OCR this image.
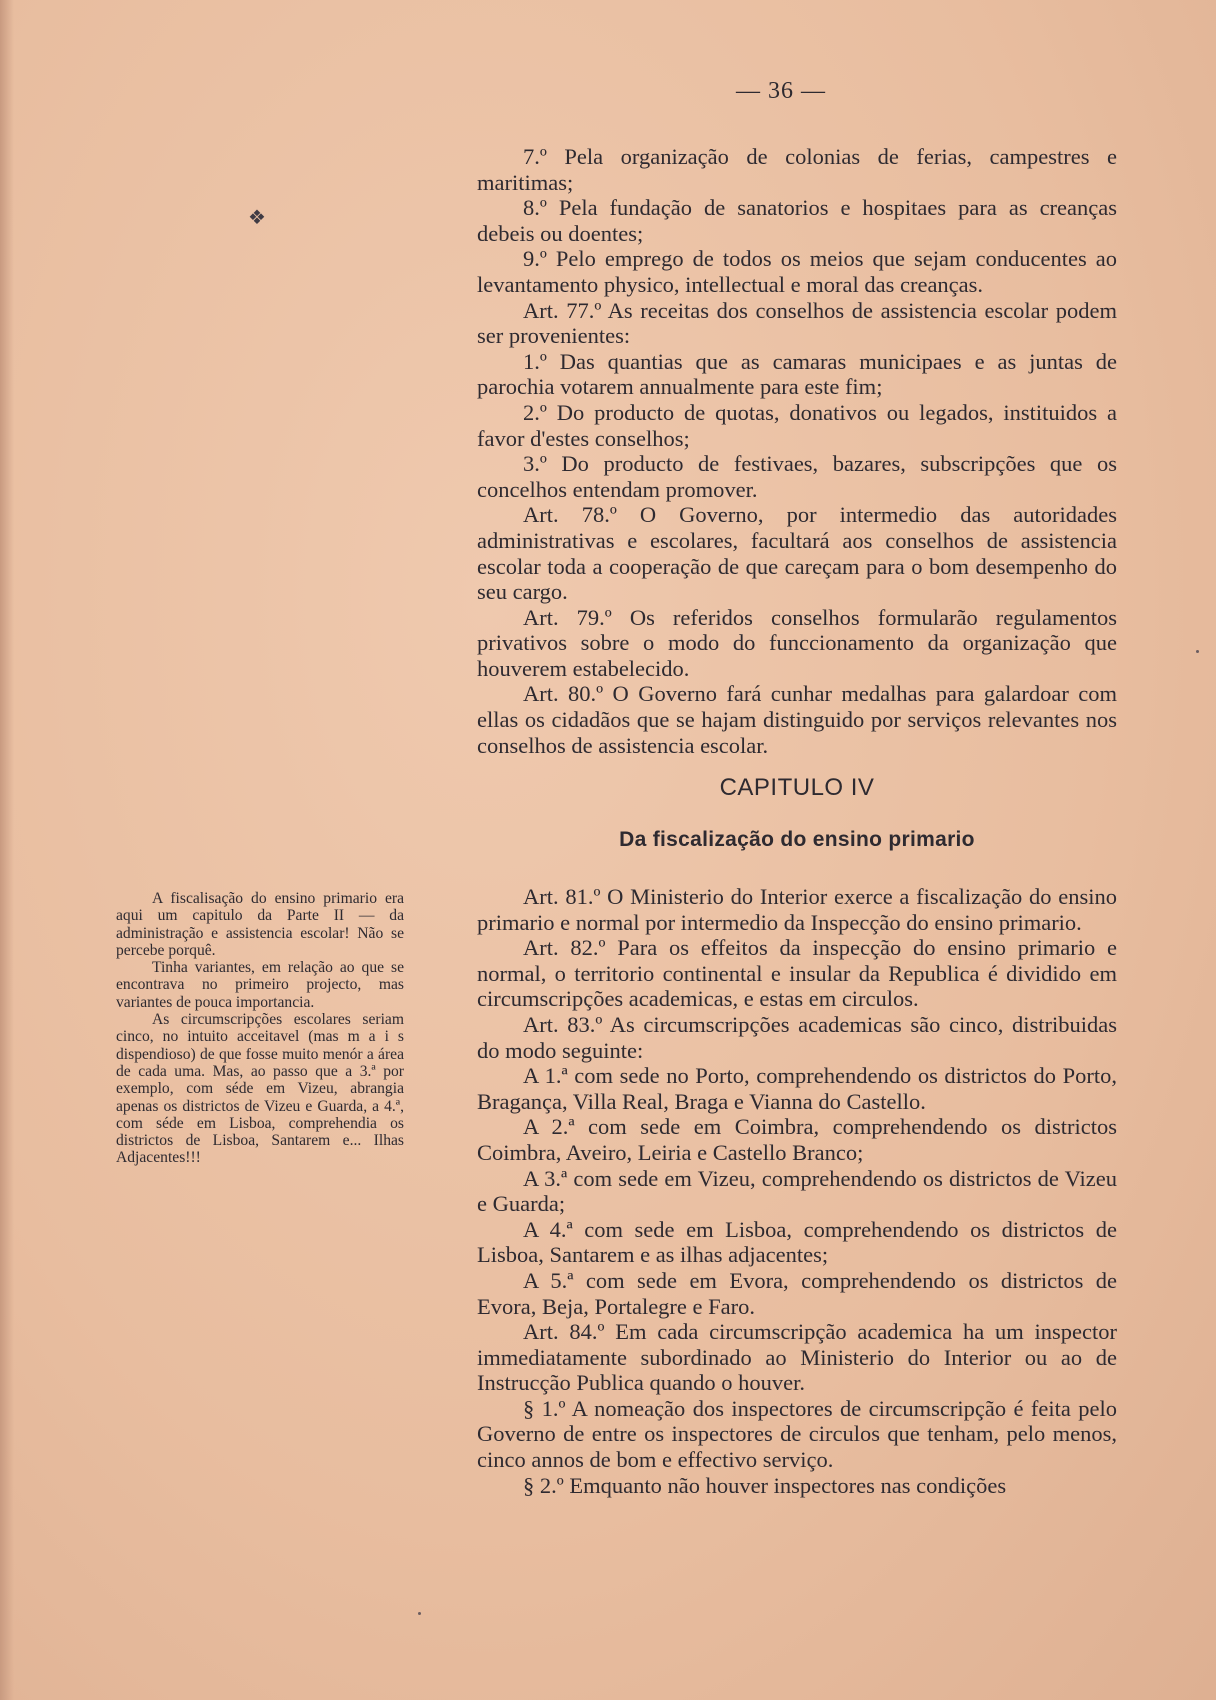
— 36 —
❖

7.º Pela organização de colonias de ferias, campestres e maritimas;

8.º Pela fundação de sanatorios e hospitaes para as creanças debeis ou doentes;

9.º Pelo emprego de todos os meios que sejam conducentes ao levantamento physico, intellectual e moral das creanças.

Art. 77.º As receitas dos conselhos de assistencia escolar podem ser provenientes:

1.º Das quantias que as camaras municipaes e as juntas de parochia votarem annualmente para este fim;

2.º Do producto de quotas, donativos ou legados, instituidos a favor d'estes conselhos;

3.º Do producto de festivaes, bazares, subscripções que os concelhos entendam promover.

Art. 78.º O Governo, por intermedio das autoridades administrativas e escolares, facultará aos conselhos de assistencia escolar toda a cooperação de que careçam para o bom desempenho do seu cargo.

Art. 79.º Os referidos conselhos formularão regulamentos privativos sobre o modo do funccionamento da organização que houverem estabelecido.

Art. 80.º O Governo fará cunhar medalhas para galardoar com ellas os cidadãos que se hajam distinguido por serviços relevantes nos conselhos de assistencia escolar.

CAPITULO IV
Da fiscalização do ensino primario

A fiscalisação do ensino primario era aqui um capitulo da Parte II — da administração e assistencia escolar! Não se percebe porquê.

Tinha variantes, em relação ao que se encontrava no primeiro projecto, mas variantes de pouca importancia.

As circumscripções escolares seriam cinco, no intuito acceitavel (mas m a i s dispendioso) de que fosse muito menór a área de cada uma. Mas, ao passo que a 3.ª por exemplo, com séde em Vizeu, abrangia apenas os districtos de Vizeu e Guarda, a 4.ª, com séde em Lisboa, comprehendia os districtos de Lisboa, Santarem e... Ilhas Adjacentes!!!

Art. 81.º O Ministerio do Interior exerce a fiscalização do ensino primario e normal por intermedio da Inspecção do ensino primario.

Art. 82.º Para os effeitos da inspecção do ensino primario e normal, o territorio continental e insular da Republica é dividido em circumscripções academicas, e estas em circulos.

Art. 83.º As circumscripções academicas são cinco, distribuidas do modo seguinte:

A 1.ª com sede no Porto, comprehendendo os districtos do Porto, Bragança, Villa Real, Braga e Vianna do Castello.

A 2.ª com sede em Coimbra, comprehendendo os districtos Coimbra, Aveiro, Leiria e Castello Branco;

A 3.ª com sede em Vizeu, comprehendendo os districtos de Vizeu e Guarda;

A 4.ª com sede em Lisboa, comprehendendo os districtos de Lisboa, Santarem e as ilhas adjacentes;

A 5.ª com sede em Evora, comprehendendo os districtos de Evora, Beja, Portalegre e Faro.

Art. 84.º Em cada circumscripção academica ha um inspector immediatamente subordinado ao Ministerio do Interior ou ao de Instrucção Publica quando o houver.

§ 1.º A nomeação dos inspectores de circumscripção é feita pelo Governo de entre os inspectores de circulos que tenham, pelo menos, cinco annos de bom e effectivo serviço.

§ 2.º Emquanto não houver inspectores nas condições
